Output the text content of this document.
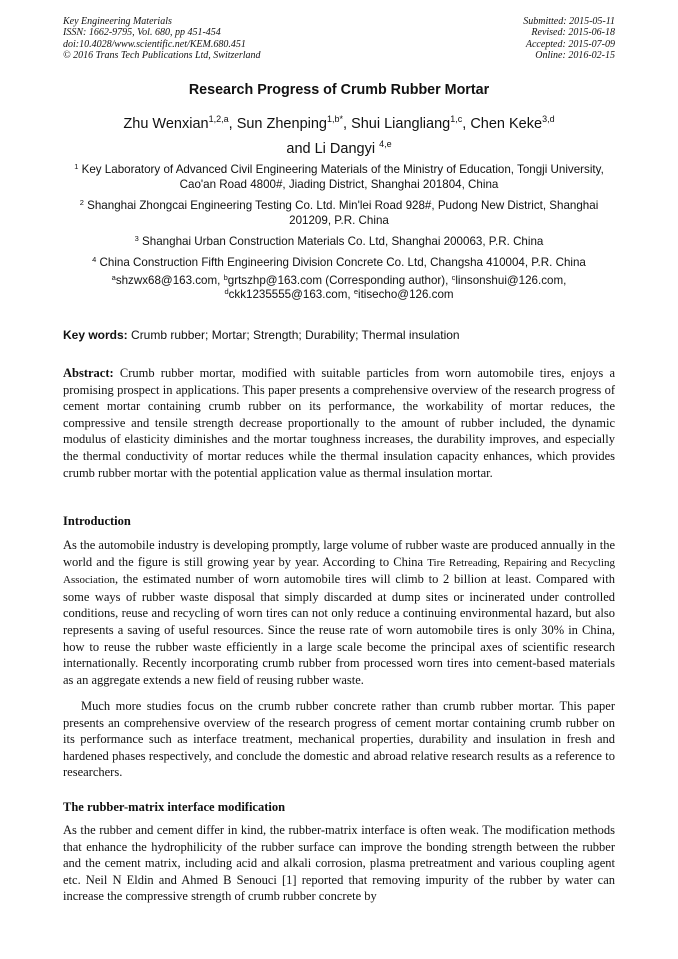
Key Engineering Materials
ISSN: 1662-9795, Vol. 680, pp 451-454
doi:10.4028/www.scientific.net/KEM.680.451
© 2016 Trans Tech Publications Ltd, Switzerland
Submitted: 2015-05-11
Revised: 2015-06-18
Accepted: 2015-07-09
Online: 2016-02-15
Research Progress of Crumb Rubber Mortar
Zhu Wenxian$^{1,2,a}$, Sun Zhenping$^{1,b*}$, Shui Liangliang$^{1,c}$, Chen Keke$^{3,d}$
and Li Dangyi $^{4,e}$
$^1$ Key Laboratory of Advanced Civil Engineering Materials of the Ministry of Education, Tongji University, Cao'an Road 4800#, Jiading District, Shanghai 201804, China
$^2$ Shanghai Zhongcai Engineering Testing Co. Ltd. Min'lei Road 928#, Pudong New District, Shanghai 201209, P.R. China
$^3$ Shanghai Urban Construction Materials Co. Ltd, Shanghai 200063, P.R. China
$^4$ China Construction Fifth Engineering Division Concrete Co. Ltd, Changsha 410004, P.R. China
$^a$shzwx68@163.com, $^b$grtszhp@163.com (Corresponding author), $^c$linsonshui@126.com,
$^d$ckk1235555@163.com, $^e$itisecho@126.com
Key words: Crumb rubber; Mortar; Strength; Durability; Thermal insulation
Abstract: Crumb rubber mortar, modified with suitable particles from worn automobile tires, enjoys a promising prospect in applications. This paper presents a comprehensive overview of the research progress of cement mortar containing crumb rubber on its performance, the workability of mortar reduces, the compressive and tensile strength decrease proportionally to the amount of rubber included, the dynamic modulus of elasticity diminishes and the mortar toughness increases, the durability improves, and especially the thermal conductivity of mortar reduces while the thermal insulation capacity enhances, which provides crumb rubber mortar with the potential application value as thermal insulation mortar.
Introduction
As the automobile industry is developing promptly, large volume of rubber waste are produced annually in the world and the figure is still growing year by year. According to China Tire Retreading, Repairing and Recycling Association, the estimated number of worn automobile tires will climb to 2 billion at least. Compared with some ways of rubber waste disposal that simply discarded at dump sites or incinerated under controlled conditions, reuse and recycling of worn tires can not only reduce a continuing environmental hazard, but also represents a saving of useful resources. Since the reuse rate of worn automobile tires is only 30% in China, how to reuse the rubber waste efficiently in a large scale become the principal axes of scientific research internationally. Recently incorporating crumb rubber from processed worn tires into cement-based materials as an aggregate extends a new field of reusing rubber waste.
Much more studies focus on the crumb rubber concrete rather than crumb rubber mortar. This paper presents an comprehensive overview of the research progress of cement mortar containing crumb rubber on its performance such as interface treatment, mechanical properties, durability and insulation in fresh and hardened phases respectively, and conclude the domestic and abroad relative research results as a reference to researchers.
The rubber-matrix interface modification
As the rubber and cement differ in kind, the rubber-matrix interface is often weak. The modification methods that enhance the hydrophilicity of the rubber surface can improve the bonding strength between the rubber and the cement matrix, including acid and alkali corrosion, plasma pretreatment and various coupling agent etc. Neil N Eldin and Ahmed B Senouci [1] reported that removing impurity of the rubber by water can increase the compressive strength of crumb rubber concrete by
